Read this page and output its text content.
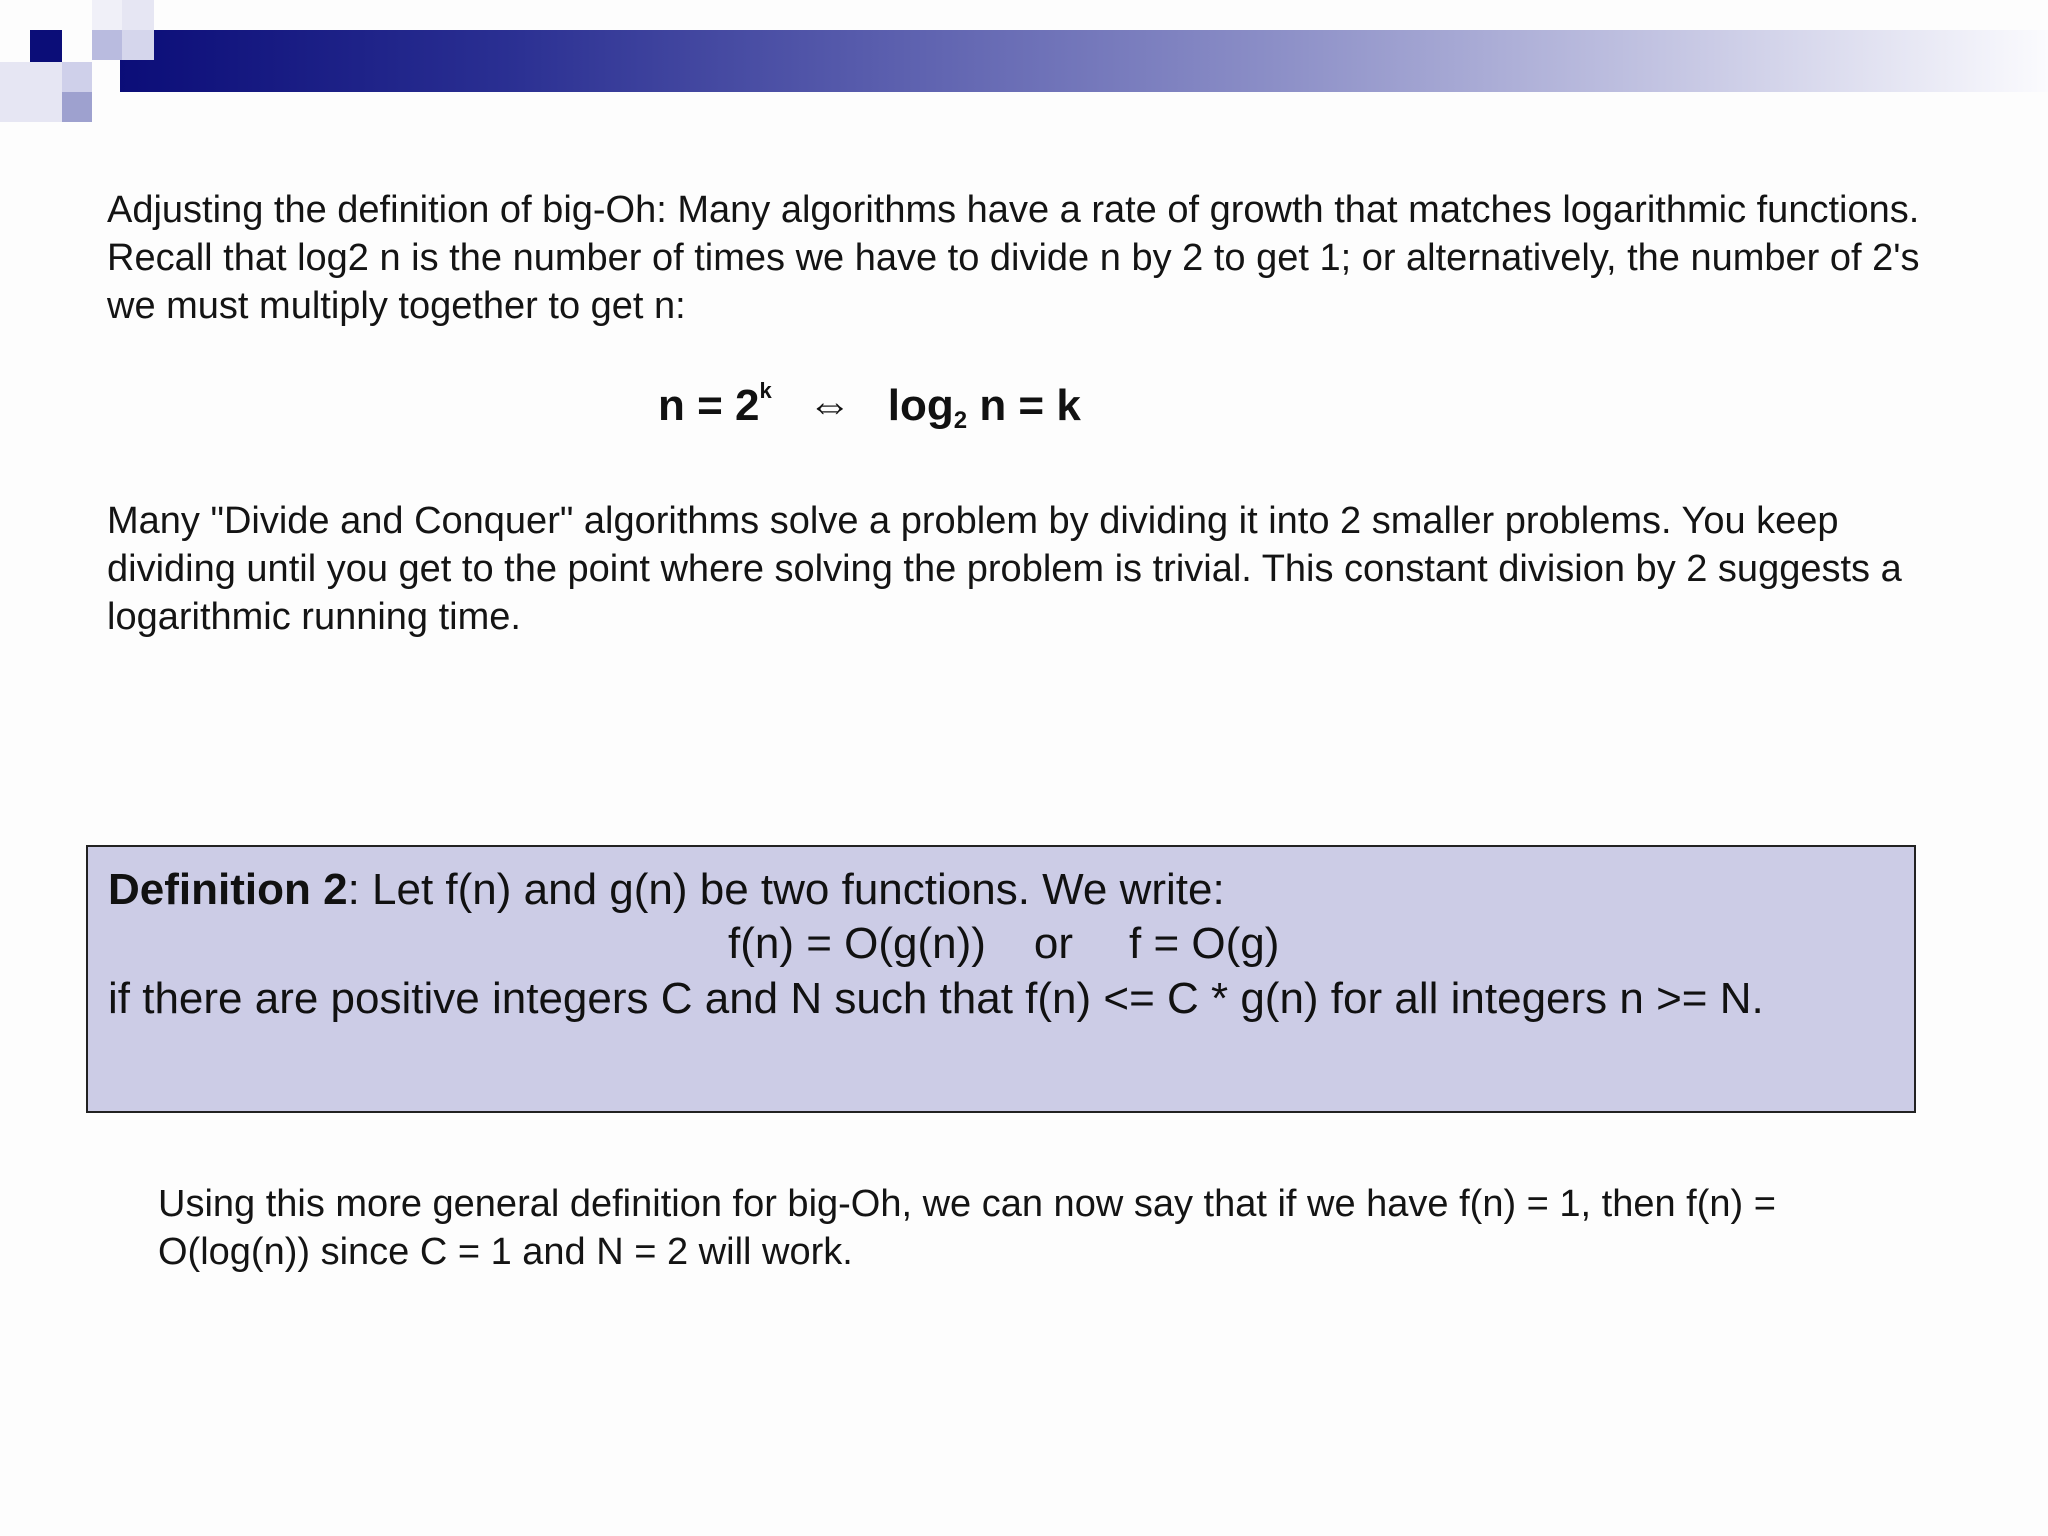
Adjusting the definition of big-Oh: Many algorithms have a rate of growth that matches logarithmic functions. Recall that log2 n is the number of times we have to divide n by 2 to get 1; or alternatively, the number of 2's we must multiply together to get n:
$n = 2^k$ ⇔ $\log_2 n = k$
Many "Divide and Conquer" algorithms solve a problem by dividing it into 2 smaller problems. You keep dividing until you get to the point where solving the problem is trivial. This constant division by 2 suggests a logarithmic running time.
Definition 2: Let f(n) and g(n) be two functions. We write:
f(n) = O(g(n)) or f = O(g)
if there are positive integers C and N such that f(n) <= C * g(n) for all integers n >= N.
Using this more general definition for big-Oh, we can now say that if we have f(n) = 1, then f(n) = O(log(n)) since C = 1 and N = 2 will work.
